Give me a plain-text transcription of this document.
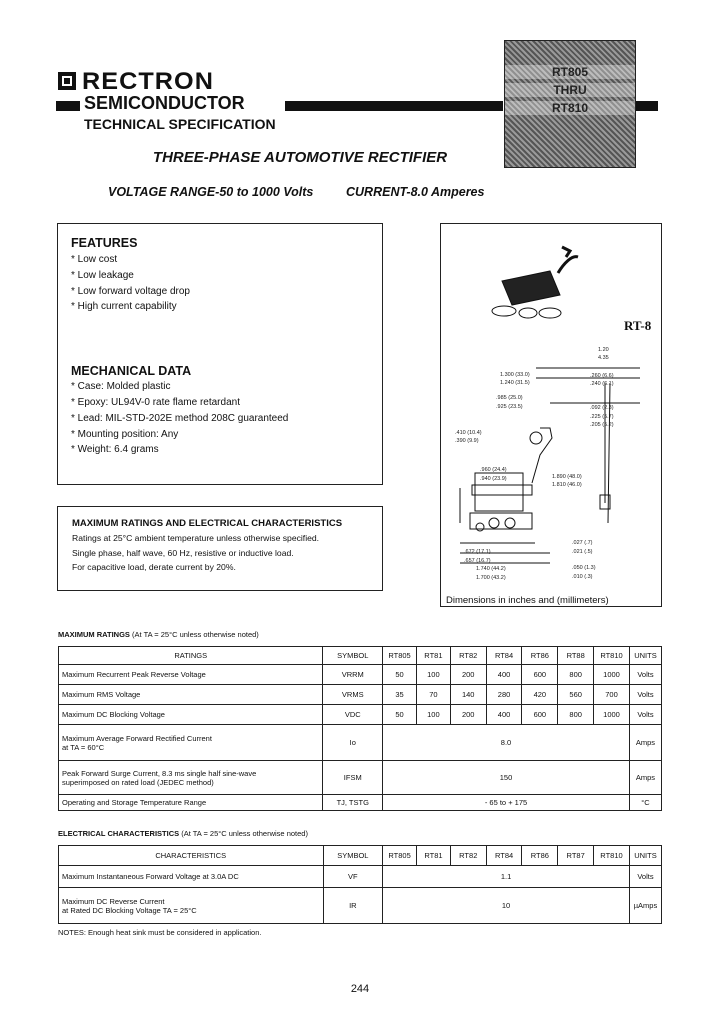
RECTRON
SEMICONDUCTOR
TECHNICAL SPECIFICATION
RT805
THRU
RT810
THREE-PHASE AUTOMOTIVE RECTIFIER
VOLTAGE RANGE-50 to 1000 Volts	CURRENT-8.0 Amperes
FEATURES
* Low cost
* Low leakage
* Low forward voltage drop
* High current capability
MECHANICAL DATA
* Case: Molded plastic
* Epoxy: UL94V-0 rate flame retardant
* Lead: MIL-STD-202E method 208C guaranteed
* Mounting position: Any
* Weight: 6.4 grams
MAXIMUM RATINGS AND ELECTRICAL CHARACTERISTICS
Ratings at 25°C ambient temperature unless otherwise specified.
Single phase, half wave, 60 Hz, resistive or inductive load.
For capacitive load, derate current by 20%.
RT-8
1.20
4.35
.260 (6.6)
.240 (6.1)
1.300 (33.0)
1.240 (31.5)
.985 (25.0)
.925 (23.5)	.092 (2.3)
.225 (5.7)
.205 (5.2)
.410 (10.4)
.390 (9.9)
.960 (24.4)
.940 (23.9)	1.890 (48.0)
1.810 (46.0)
.027 (.7)
.021 (.5)
.050 (1.3)
.672 (17.1)
.657 (16.7)
1.740 (44.2)
1.700 (43.2)	.010 (.3)
Dimensions in inches and (millimeters)
MAXIMUM RATINGS (At TA = 25°C unless otherwise noted)
RATINGS	SYMBOL	RT805	RT81	RT82	RT84	RT86	RT88	RT810	UNITS
Maximum Recurrent Peak Reverse Voltage	VRRM	50	100	200	400	600	800	1000	Volts
Maximum RMS Voltage	VRMS	35	70	140	280	420	560	700	Volts
Maximum DC Blocking Voltage	VDC	50	100	200	400	600	800	1000	Volts

Maximum Average Forward Rectified Current
at TA = 60°C	Io	8.0							Amps

Peak Forward Surge Current, 8.3 ms single half sine-wave
superimposed on rated load (JEDEC method)	IFSM	150							Amps
Operating and Storage Temperature Range	TJ, TSTG	- 65 to + 175							°C
ELECTRICAL CHARACTERISTICS (At TA = 25°C unless otherwise noted)
CHARACTERISTICS	SYMBOL	RT805	RT81	RT82	RT84	RT86	RT87	RT810	UNITS
Maximum Instantaneous Forward Voltage at 3.0A DC	VF	1.1							Volts

Maximum DC Reverse Current
at Rated DC Blocking Voltage TA = 25°C	IR	10							µAmps
NOTES: Enough heat sink must be considered in application.
244
